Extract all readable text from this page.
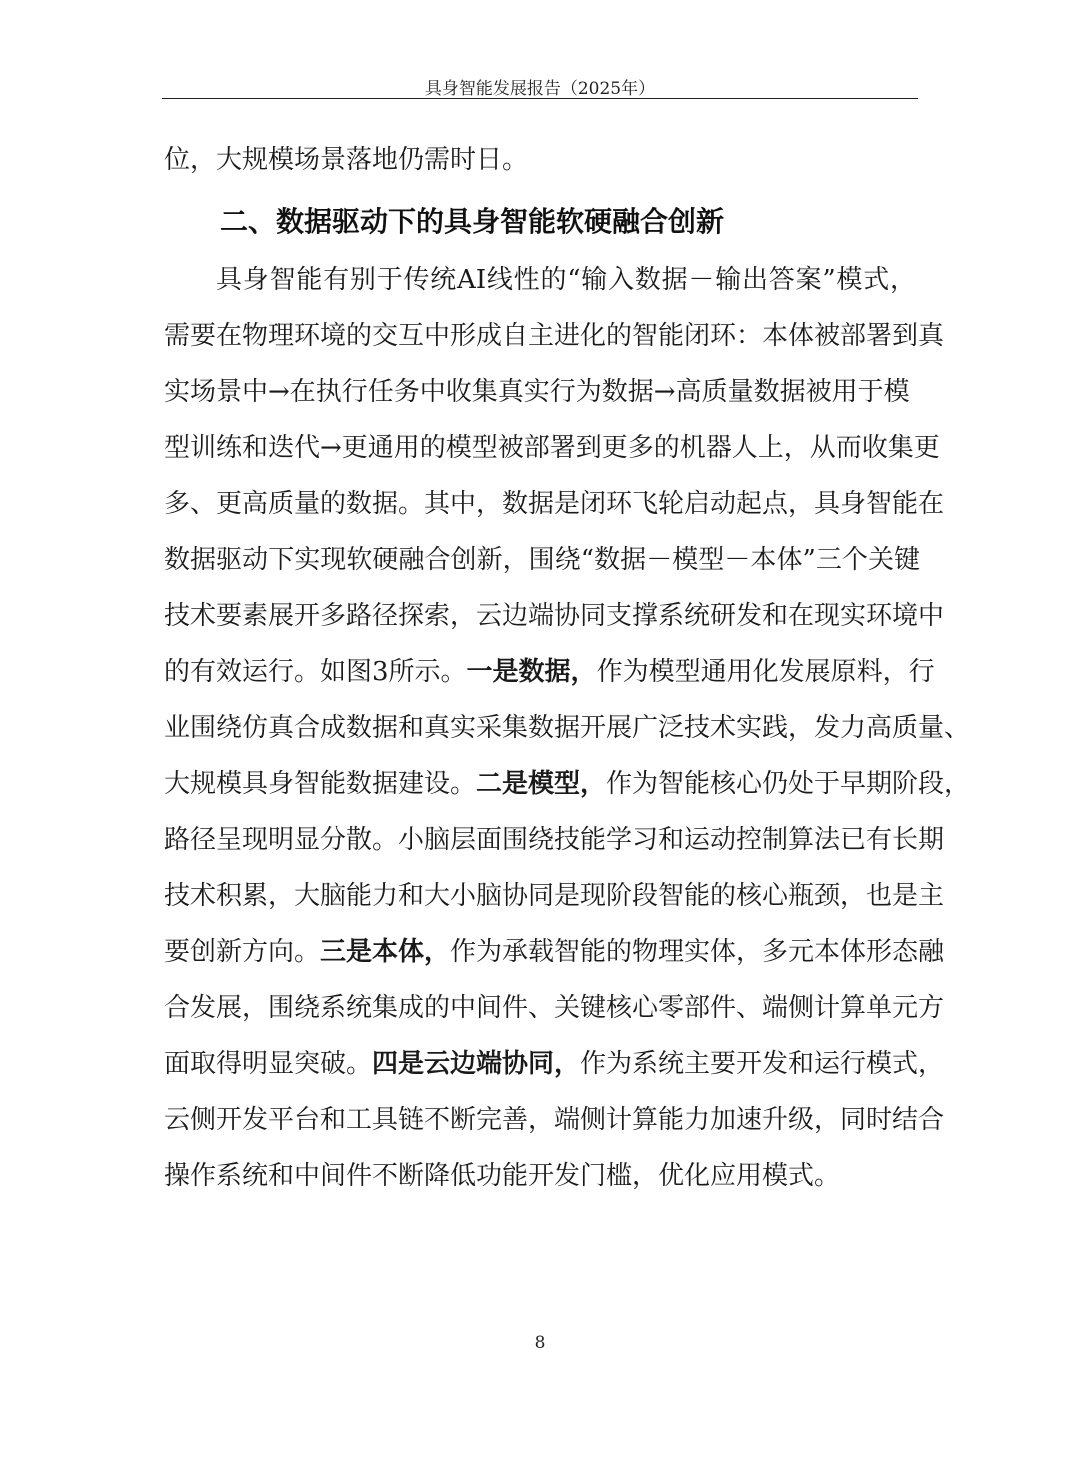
具身智能发展报告（2025年）
位，大规模场景落地仍需时日。
二、数据驱动下的具身智能软硬融合创新
具身智能有别于传统AI线性的“输入数据－输出答案”模式，
需要在物理环境的交互中形成自主进化的智能闭环：本体被部署到真
实场景中→在执行任务中收集真实行为数据→高质量数据被用于模
型训练和迭代→更通用的模型被部署到更多的机器人上，从而收集更
多、更高质量的数据。其中，数据是闭环飞轮启动起点，具身智能在
数据驱动下实现软硬融合创新，围绕“数据－模型－本体”三个关键
技术要素展开多路径探索，云边端协同支撑系统研发和在现实环境中
的有效运行。如图3所示。一是数据，作为模型通用化发展原料，行
业围绕仿真合成数据和真实采集数据开展广泛技术实践，发力高质量、
大规模具身智能数据建设。二是模型，作为智能核心仍处于早期阶段，
路径呈现明显分散。小脑层面围绕技能学习和运动控制算法已有长期
技术积累，大脑能力和大小脑协同是现阶段智能的核心瓶颈，也是主
要创新方向。三是本体，作为承载智能的物理实体，多元本体形态融
合发展，围绕系统集成的中间件、关键核心零部件、端侧计算单元方
面取得明显突破。四是云边端协同，作为系统主要开发和运行模式，
云侧开发平台和工具链不断完善，端侧计算能力加速升级，同时结合
操作系统和中间件不断降低功能开发门槛，优化应用模式。
8
